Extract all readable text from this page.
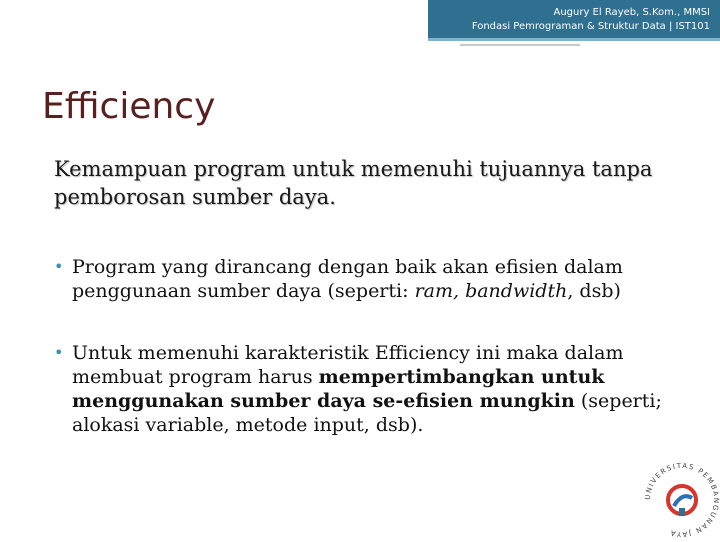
Augury El Rayeb, S.Kom., MMSI
Fondasi Pemrograman & Struktur Data | IST101
Efficiency

Kemampuan program untuk memenuhi tujuannya tanpa pemborosan sumber daya.

• Program yang dirancang dengan baik akan efisien dalam penggunaan sumber daya (seperti: ram, bandwidth, dsb)
• Untuk memenuhi karakteristik Efficiency ini maka dalam membuat program harus mempertimbangkan untuk menggunakan sumber daya se-efisien mungkin (seperti; alokasi variable, metode input, dsb).
UNIVERSITAS PEMBANGUNAN JAYA
